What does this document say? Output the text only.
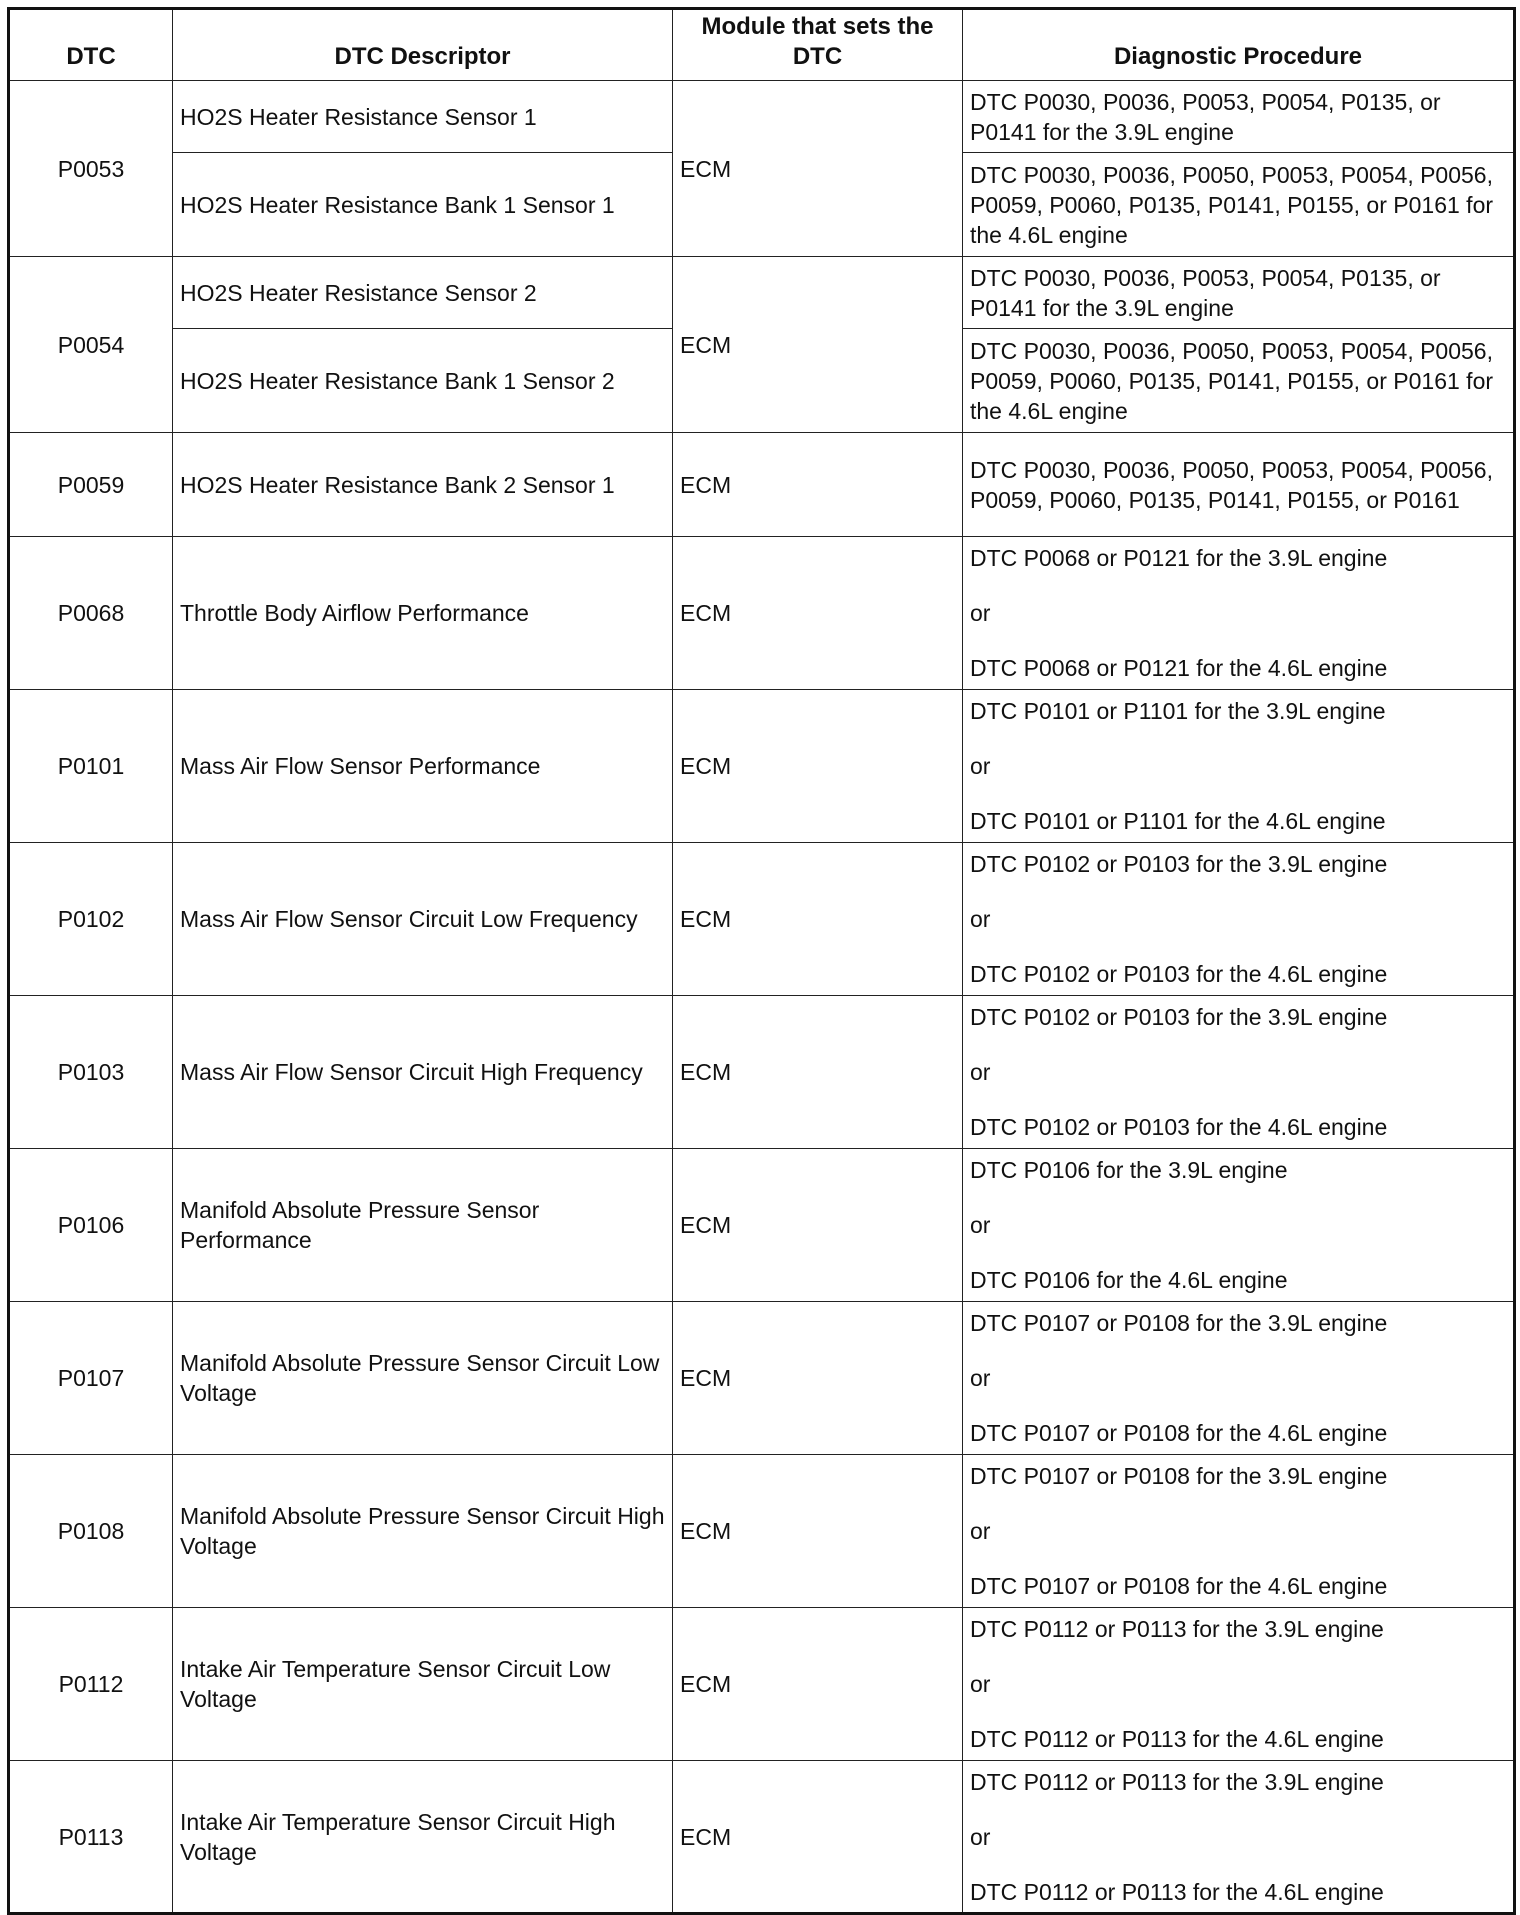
DTC	DTC Descriptor	Module that sets the DTC	Diagnostic Procedure
P0053	HO2S Heater Resistance Sensor 1	ECM	DTC P0030, P0036, P0053, P0054, P0135, or P0141 for the 3.9L engine
	HO2S Heater Resistance Bank 1 Sensor 1		DTC P0030, P0036, P0050, P0053, P0054, P0056, P0059, P0060, P0135, P0141, P0155, or P0161 for the 4.6L engine
P0054	HO2S Heater Resistance Sensor 2	ECM	DTC P0030, P0036, P0053, P0054, P0135, or P0141 for the 3.9L engine
	HO2S Heater Resistance Bank 1 Sensor 2		DTC P0030, P0036, P0050, P0053, P0054, P0056, P0059, P0060, P0135, P0141, P0155, or P0161 for the 4.6L engine
P0059	HO2S Heater Resistance Bank 2 Sensor 1	ECM	DTC P0030, P0036, P0050, P0053, P0054, P0056, P0059, P0060, P0135, P0141, P0155, or P0161
P0068	Throttle Body Airflow Performance	ECM	DTC P0068 or P0121 for the 3.9L engine
or
DTC P0068 or P0121 for the 4.6L engine

P0101	Mass Air Flow Sensor Performance	ECM	DTC P0101 or P1101 for the 3.9L engine
or
DTC P0101 or P1101 for the 4.6L engine

P0102	Mass Air Flow Sensor Circuit Low Frequency	ECM	DTC P0102 or P0103 for the 3.9L engine
or
DTC P0102 or P0103 for the 4.6L engine

P0103	Mass Air Flow Sensor Circuit High Frequency	ECM	DTC P0102 or P0103 for the 3.9L engine
or
DTC P0102 or P0103 for the 4.6L engine

P0106	Manifold Absolute Pressure Sensor Performance	ECM	DTC P0106 for the 3.9L engine
or
DTC P0106 for the 4.6L engine

P0107	Manifold Absolute Pressure Sensor Circuit Low Voltage	ECM	DTC P0107 or P0108 for the 3.9L engine
or
DTC P0107 or P0108 for the 4.6L engine

P0108	Manifold Absolute Pressure Sensor Circuit High Voltage	ECM	DTC P0107 or P0108 for the 3.9L engine
or
DTC P0107 or P0108 for the 4.6L engine

P0112	Intake Air Temperature Sensor Circuit Low Voltage	ECM	DTC P0112 or P0113 for the 3.9L engine
or
DTC P0112 or P0113 for the 4.6L engine

P0113	Intake Air Temperature Sensor Circuit High Voltage	ECM	DTC P0112 or P0113 for the 3.9L engine
or
DTC P0112 or P0113 for the 4.6L engine
